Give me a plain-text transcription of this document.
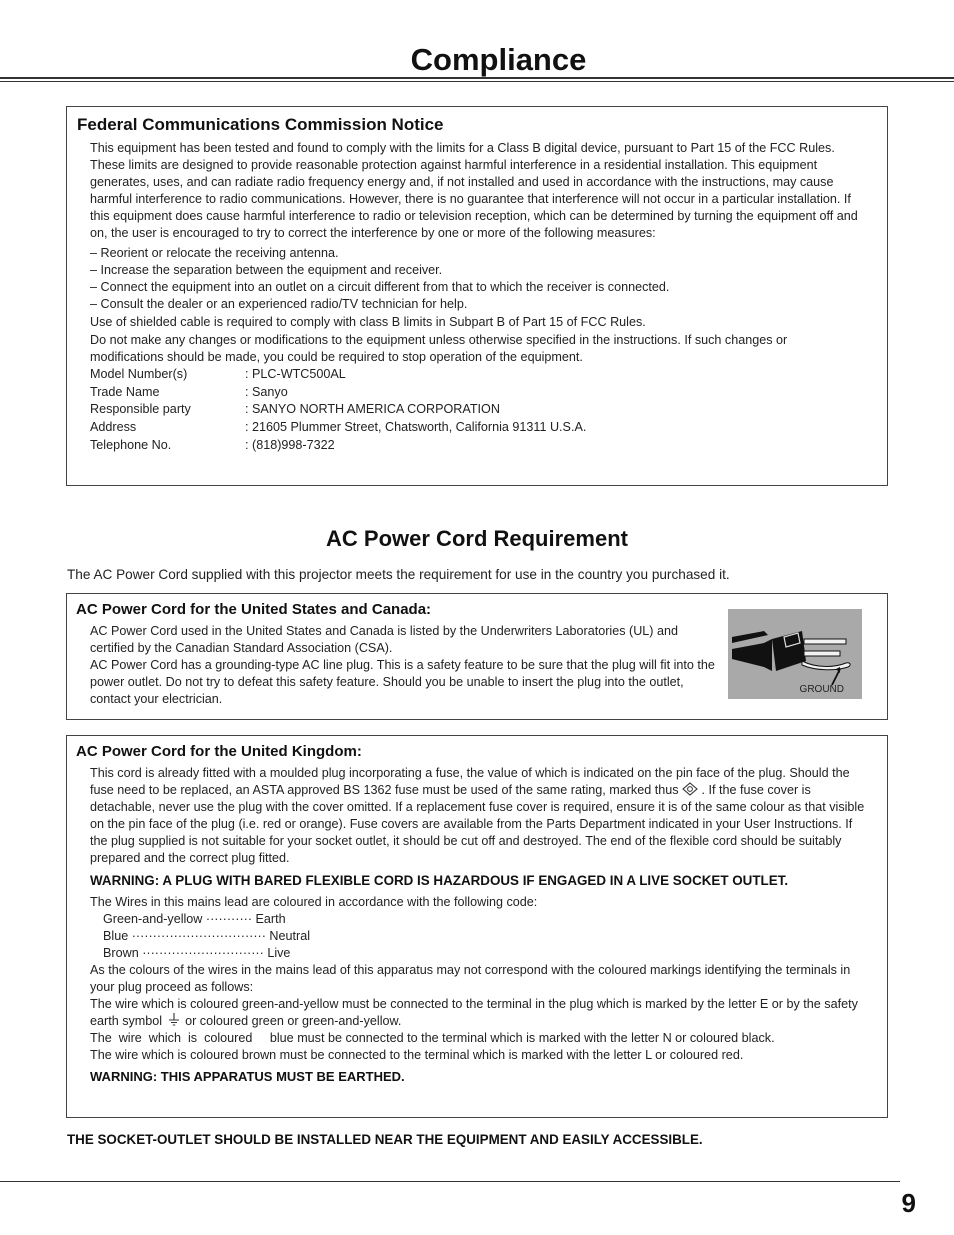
Compliance
Federal Communications Commission Notice

This equipment has been tested and found to comply with the limits for a Class B digital device, pursuant to Part 15 of the FCC Rules. These limits are designed to provide reasonable protection against harmful interference in a residential installation. This equipment generates, uses, and can radiate radio frequency energy and, if not installed and used in accordance with the instructions, may cause harmful interference to radio communications. However, there is no guarantee that interference will not occur in a particular installation. If this equipment does cause harmful interference to radio or television reception, which can be determined by turning the equipment off and on, the user is encouraged to try to correct the interference by one or more of the following measures:

– Reorient or relocate the receiving antenna.
– Increase the separation between the equipment and receiver.
– Connect the equipment into an outlet on a circuit different from that to which the receiver is connected.
– Consult the dealer or an experienced radio/TV technician for help.

Use of shielded cable is required to comply with class B limits in Subpart B of Part 15 of FCC Rules.

Do not make any changes or modifications to the equipment unless otherwise specified in the instructions. If such changes or modifications should be made, you could be required to stop operation of the equipment.

Model Number(s)	: PLC-WTC500AL
Trade Name	: Sanyo
Responsible party	: SANYO NORTH AMERICA CORPORATION
Address	: 21605 Plummer Street, Chatsworth, California 91311 U.S.A.
Telephone No.	: (818)998-7322
AC Power Cord Requirement

The AC Power Cord supplied with this projector meets the requirement for use in the country you purchased it.

AC Power Cord for the United States and Canada:

AC Power Cord used in the United States and Canada is listed by the Underwriters Laboratories (UL) and certified by the Canadian Standard Association (CSA).

AC Power Cord has a grounding-type AC line plug. This is a safety feature to be sure that the plug will fit into the power outlet. Do not try to defeat this safety feature. Should you be unable to insert the plug into the outlet, contact your electrician.

GROUND
AC Power Cord for the United Kingdom:

This cord is already fitted with a moulded plug incorporating a fuse, the value of which is indicated on the pin face of the plug. Should the fuse need to be replaced, an ASTA approved BS 1362 fuse must be used of the same rating, marked thus . If the fuse cover is detachable, never use the plug with the cover omitted. If a replacement fuse cover is required, ensure it is of the same colour as that visible on the pin face of the plug (i.e. red or orange). Fuse covers are available from the Parts Department indicated in your User Instructions. If the plug supplied is not suitable for your socket outlet, it should be cut off and destroyed. The end of the flexible cord should be suitably prepared and the correct plug fitted.

WARNING: A PLUG WITH BARED FLEXIBLE CORD IS HAZARDOUS IF ENGAGED IN A LIVE SOCKET OUTLET.

The Wires in this mains lead are coloured in accordance with the following code:

Green-and-yellow ··········· Earth
Blue ································ Neutral
Brown ····························· Live

As the colours of the wires in the mains lead of this apparatus may not correspond with the coloured markings identifying the terminals in your plug proceed as follows:

The wire which is coloured green-and-yellow must be connected to the terminal in the plug which is marked by the letter E or by the safety earth symbol or coloured green or green-and-yellow.

The  wire  which  is  coloured     blue must be connected to the terminal which is marked with the letter N or coloured black.

The wire which is coloured brown must be connected to the terminal which is marked with the letter L or coloured red.

WARNING: THIS APPARATUS MUST BE EARTHED.

THE SOCKET-OUTLET SHOULD BE INSTALLED NEAR THE EQUIPMENT AND EASILY ACCESSIBLE.

9
